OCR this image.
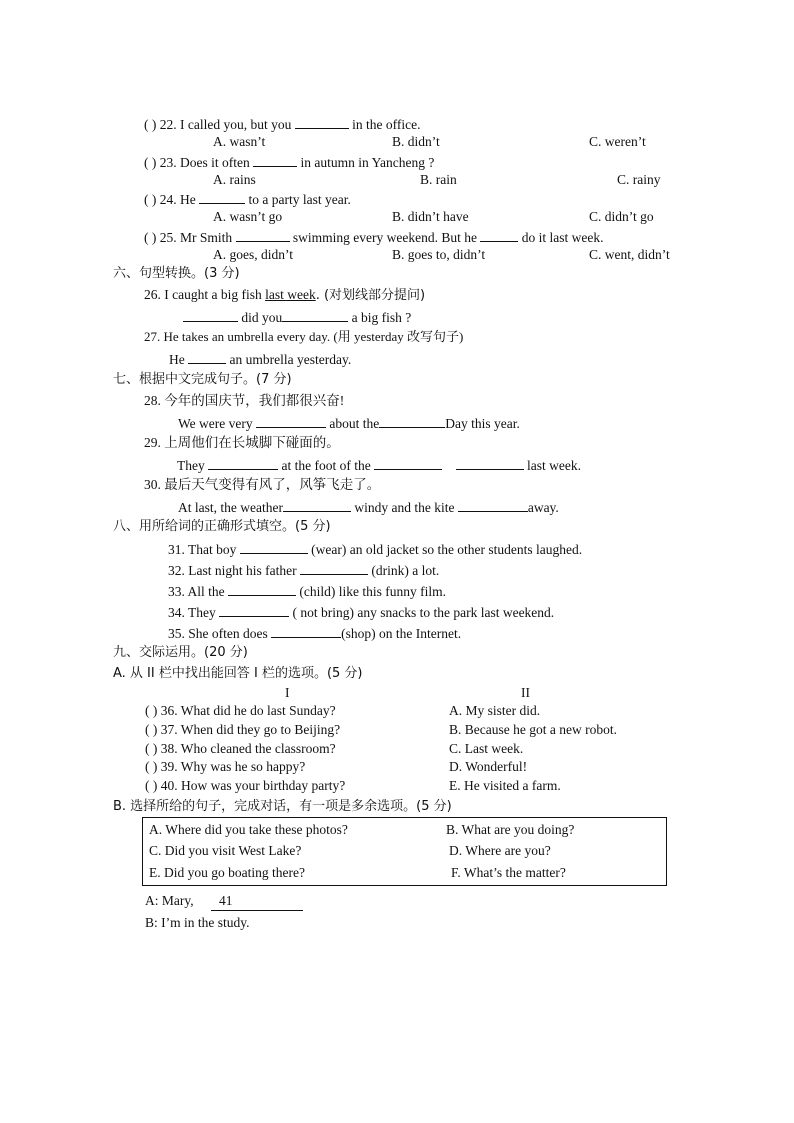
( ) 22. I called you, but you	in the office.
A. wasn’t	B. didn’t	C. weren’t
( ) 23. Does it often	in autumn in Yancheng ?
A. rains	B. rain	C. rainy
( ) 24. He	to a party last year.
A. wasn’t go	B. didn’t have	C. didn’t go
( ) 25. Mr Smith	swimming every weekend. But he	do it last week.
A. goes, didn’t	B. goes to, didn’t	C. went, didn’t
六、句型转换。(3 分)
26. I caught a big fish last week. (对划线部分提问)
did you	a big fish ?
27. He takes an umbrella every day. (用 yesterday 改写句子)
He	an umbrella yesterday.
七、根据中文完成句子。(7 分)
28. 今年的国庆节，我们都很兴奋!
We were very	about the	Day this year.
29. 上周他们在长城脚下碰面的。
They	at the foot of the	last week.
30. 最后天气变得有风了，风筝飞走了。
At last, the weather	windy and the kite	away.
八、用所给词的正确形式填空。(5 分)
31. That boy	(wear) an old jacket so the other students laughed.
32. Last night his father	(drink) a lot.
33. All the	(child) like this funny film.
34. They	( not bring) any snacks to the park last weekend.
35. She often does	(shop) on the Internet.
九、交际运用。(20 分)
A. 从 II 栏中找出能回答 I 栏的选项。(5 分)
I	II
( ) 36. What did he do last Sunday?	A. My sister did.
( ) 37. When did they go to Beijing?	B. Because he got a new robot.
( ) 38. Who cleaned the classroom?	C. Last week.
( ) 39. Why was he so happy?	D. Wonderful!
( ) 40. How was your birthday party?	E. He visited a farm.
B. 选择所给的句子，完成对话，有一项是多余选项。(5 分)
A. Where did you take these photos?	B. What are you doing?
C. Did you visit West Lake?	D. Where are you?
E. Did you go boating there?	F. What’s the matter?
A: Mary, 41
B: I’m in the study.
